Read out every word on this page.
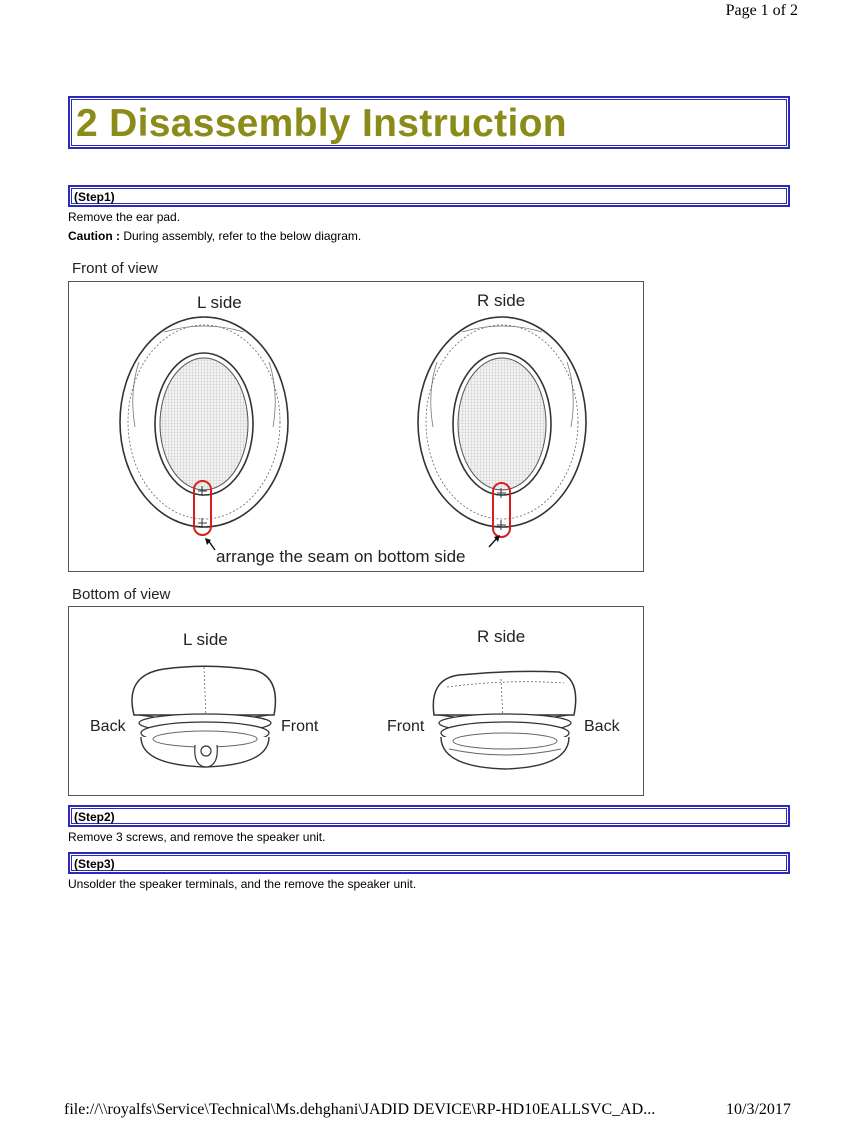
Page 1 of 2
2 Disassembly Instruction
(Step1)
Remove the ear pad.
Caution : During assembly, refer to the below diagram.
Front of view
L side	R side
arrange the seam on bottom side
Bottom of view
L side	R side
Back	Front	Front	Back
(Step2)
Remove 3 screws, and remove the speaker unit.
(Step3)
Unsolder the speaker terminals, and the remove the speaker unit.
file://\\royalfs\Service\Technical\Ms.dehghani\JADID DEVICE\RP-HD10EALLSVC_AD...	10/3/2017
